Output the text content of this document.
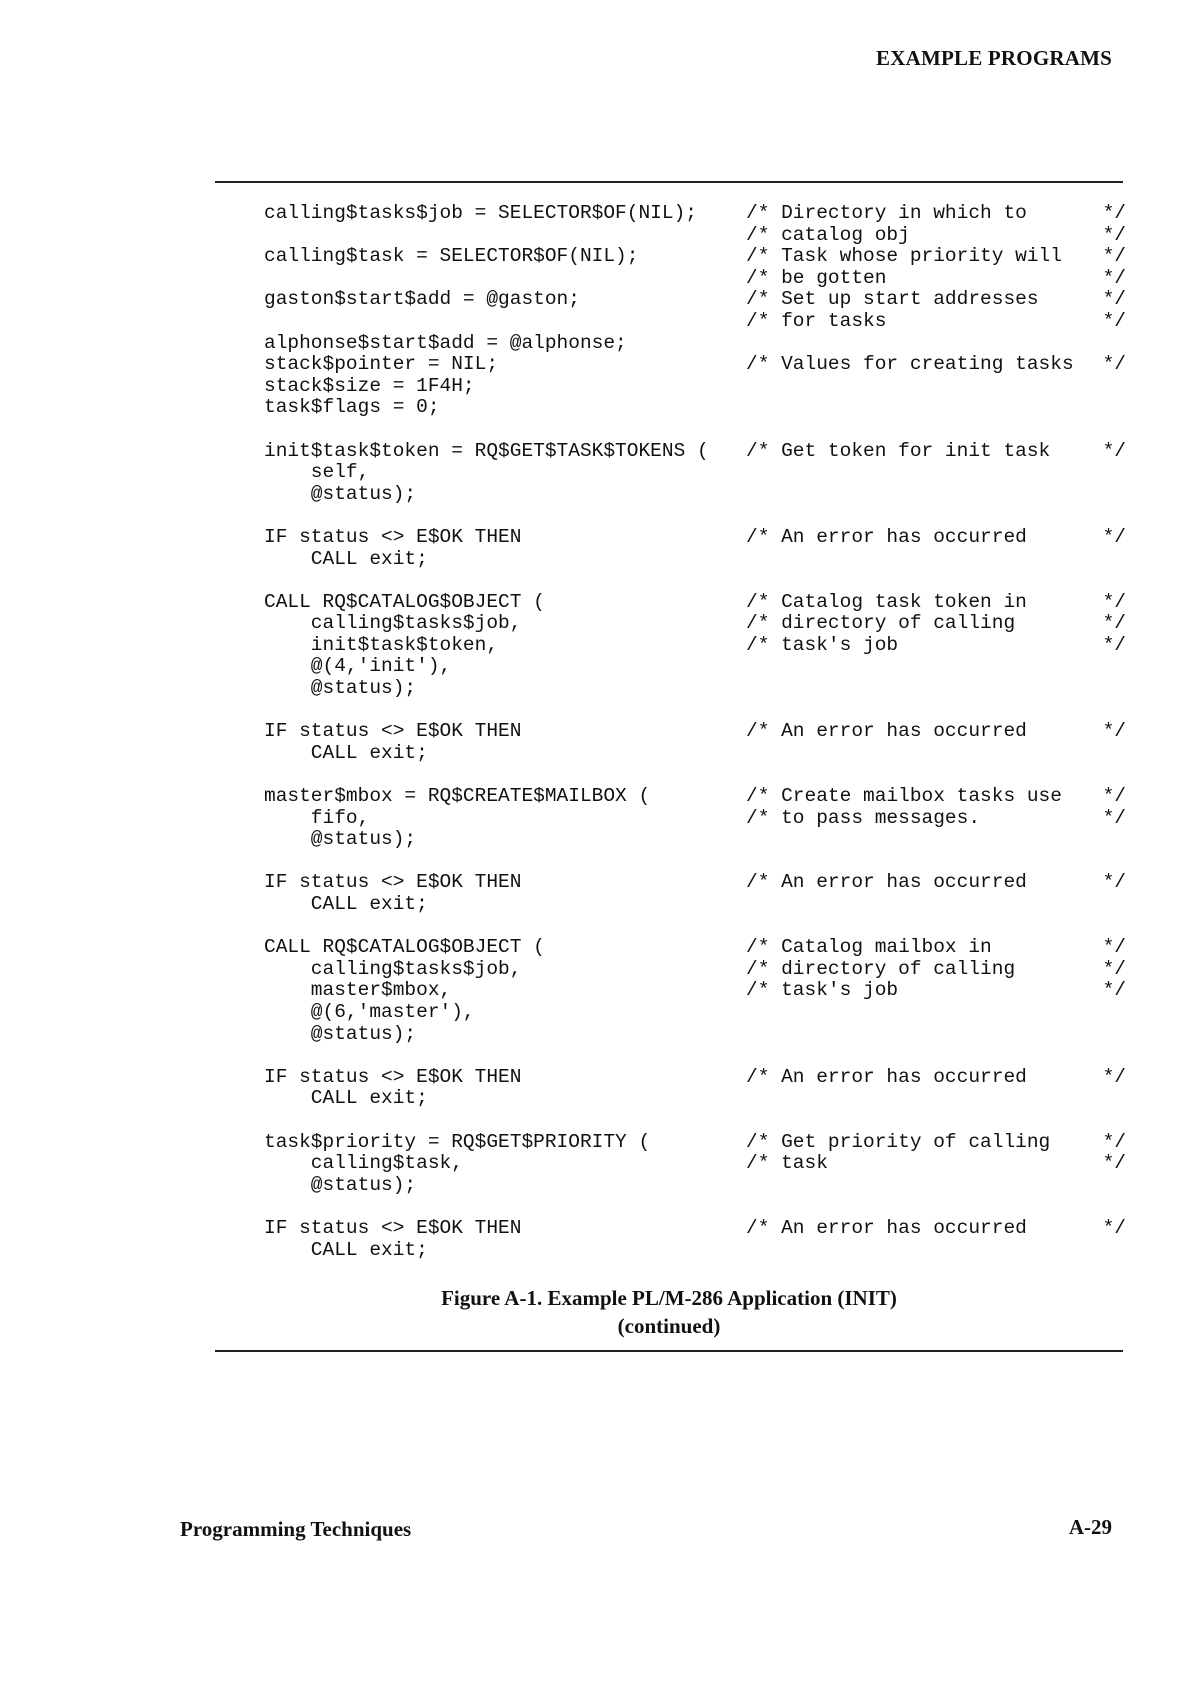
EXAMPLE PROGRAMS
calling$tasks$job = SELECTOR$OF(NIL);	/* Directory in which to	*/
/* catalog obj	*/
calling$task = SELECTOR$OF(NIL);	/* Task whose priority will */
/* be gotten	*/
gaston$start$add = @gaston;	/* Set up start addresses	*/
/* for tasks	*/
alphonse$start$add = @alphonse;
stack$pointer = NIL;	/* Values for creating tasks */
stack$size = 1F4H;
task$flags = 0;
init$task$token = RQ$GET$TASK$TOKENS ( /* Get token for init task	*/
self,
@status);
IF status <> E$OK THEN	/* An error has occurred	*/
CALL exit;
CALL RQ$CATALOG$OBJECT (	/* Catalog task token in	*/
calling$tasks$job,	/* directory of calling	*/
init$task$token,	/* task's job	*/
@(4,'init'),
@status);
IF status <> E$OK THEN	/* An error has occurred	*/
CALL exit;
master$mbox = RQ$CREATE$MAILBOX (	/* Create mailbox tasks use */
fifo,	/* to pass messages.	*/
@status);
IF status <> E$OK THEN	/* An error has occurred	*/
CALL exit;
CALL RQ$CATALOG$OBJECT (	/* Catalog mailbox in	*/
calling$tasks$job,	/* directory of calling	*/
master$mbox,	/* task's job	*/
@(6,'master'),
@status);
IF status <> E$OK THEN	/* An error has occurred	*/
CALL exit;
task$priority = RQ$GET$PRIORITY (	/* Get priority of calling	*/
calling$task,	/* task	*/
@status);
IF status <> E$OK THEN	/* An error has occurred	*/
CALL exit;
Figure A-1. Example PL/M-286 Application (INIT)
(continued)
Programming Techniques	A-29
